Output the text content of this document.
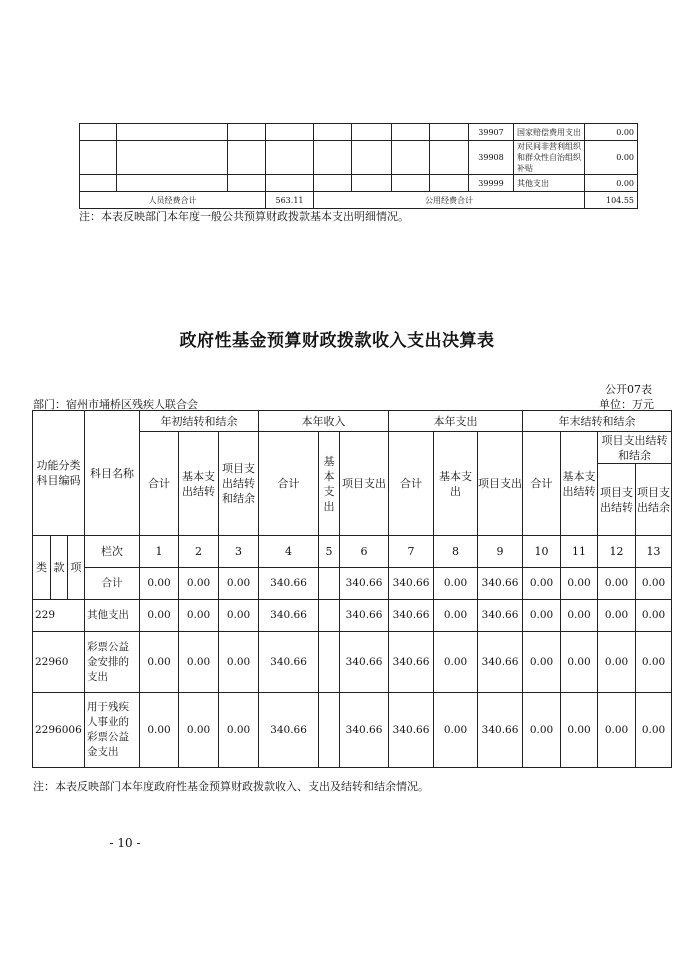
								39907	国家赔偿费用支出	0.00
								39908	对民间非营利组织和群众性自治组织补贴	0.00
								39999	其他支出	0.00
人员经费合计			563.11	公用经费合计						104.55
注：本表反映部门本年度一般公共预算财政拨款基本支出明细情况。
政府性基金预算财政拨款收入支出决算表
公开07表
部门：宿州市埇桥区残疾人联合会	单位：万元
功能分类科目编码			科目名称	年初结转和结余			本年收入			本年支出			年末结转和结余			
				合计	基本支出结转	项目支出结转和结余	合计	基本支出	项目支出	合计	基本支出	项目支出	合计	基本支出结转	项目支出结转和结余	
															项目支出结转	项目支出结余
类	款	项	栏次	1	2	3	4	5	6	7	8	9	10	11	12	13
			合计	0.00	0.00	0.00	340.66		340.66	340.66	0.00	340.66	0.00	0.00	0.00	0.00
229			其他支出	0.00	0.00	0.00	340.66		340.66	340.66	0.00	340.66	0.00	0.00	0.00	0.00
22960			彩票公益金安排的支出	0.00	0.00	0.00	340.66		340.66	340.66	0.00	340.66	0.00	0.00	0.00	0.00
2296006			用于残疾人事业的彩票公益金支出	0.00	0.00	0.00	340.66		340.66	340.66	0.00	340.66	0.00	0.00	0.00	0.00
注：本表反映部门本年度政府性基金预算财政拨款收入、支出及结转和结余情况。
- 10 -
